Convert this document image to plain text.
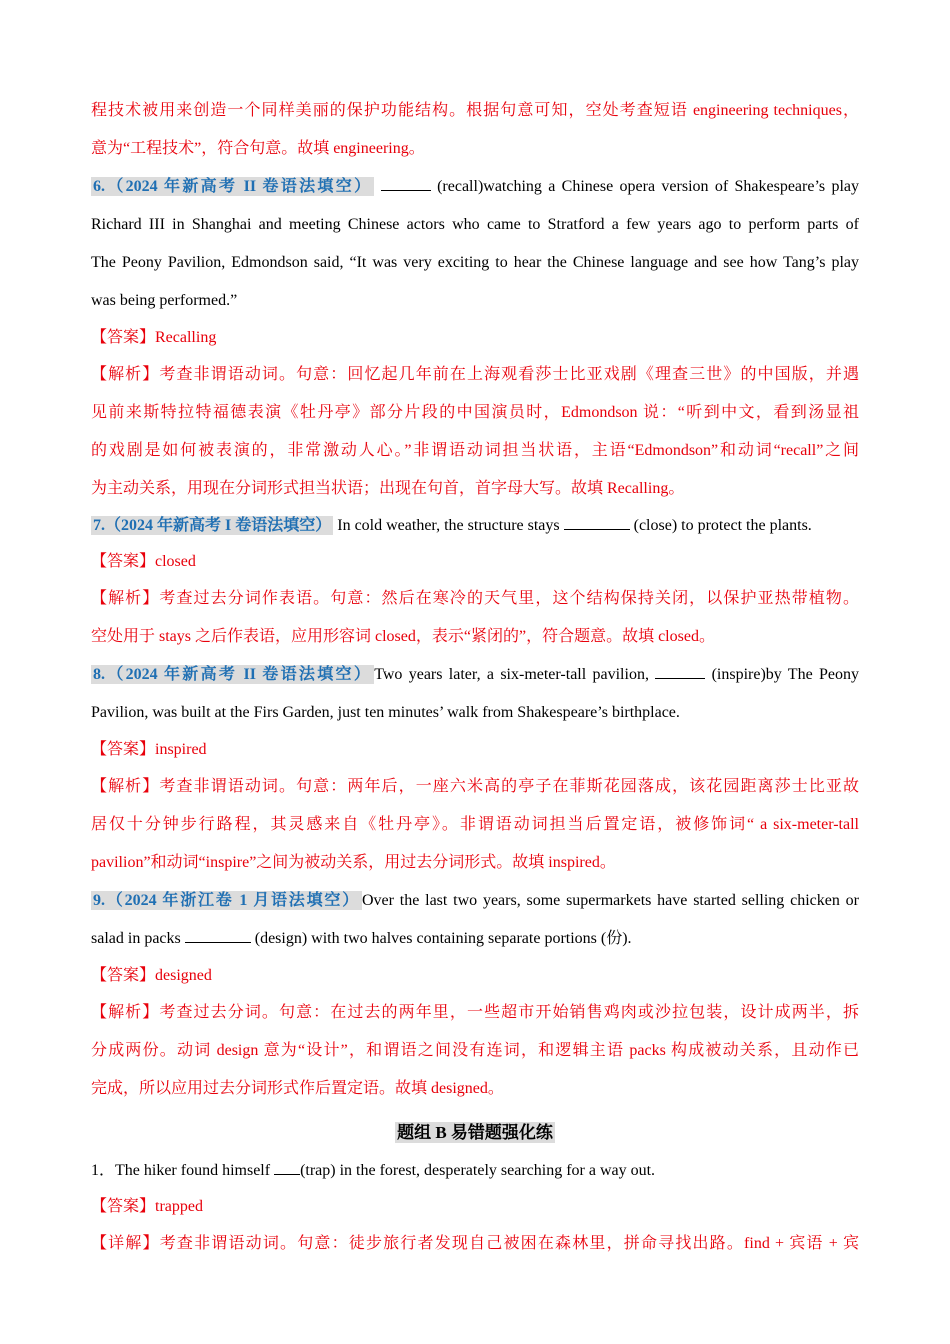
程技术被用来创造一个同样美丽的保护功能结构。根据句意可知，空处考查短语 engineering techniques，
意为“工程技术”，符合句意。故填 engineering。
6.（2024 年新高考 II 卷语法填空）	(recall)watching a Chinese opera version of Shakespeare’s play
Richard III in Shanghai and meeting Chinese actors who came to Stratford a few years ago to perform parts of
The Peony Pavilion, Edmondson said, “It was very exciting to hear the Chinese language and see how Tang’s play
was being performed.”
【答案】Recalling
【解析】考查非谓语动词。句意：回忆起几年前在上海观看莎士比亚戏剧《理查三世》的中国版，并遇
见前来斯特拉特福德表演《牡丹亭》部分片段的中国演员时，Edmondson 说：“听到中文，看到汤显祖
的戏剧是如何被表演的，非常激动人心。”非谓语动词担当状语，主语“Edmondson”和动词“recall”之间
为主动关系，用现在分词形式担当状语；出现在句首，首字母大写。故填 Recalling。
7.（2024 年新高考 I 卷语法填空） In cold weather, the structure stays	(close) to protect the plants.
【答案】closed
【解析】考查过去分词作表语。句意：然后在寒冷的天气里，这个结构保持关闭，以保护亚热带植物。
空处用于 stays 之后作表语，应用形容词 closed，表示“紧闭的”，符合题意。故填 closed。
8.（2024 年新高考 II 卷语法填空） Two years later, a six-meter-tall pavilion,	(inspire)by The Peony
Pavilion, was built at the Firs Garden, just ten minutes’ walk from Shakespeare’s birthplace.
【答案】inspired
【解析】考查非谓语动词。句意：两年后，一座六米高的亭子在菲斯花园落成，该花园距离莎士比亚故
居仅十分钟步行路程，其灵感来自《牡丹亭》。非谓语动词担当后置定语，被修饰词“ a six-meter-tall
pavilion”和动词“inspire”之间为被动关系，用过去分词形式。故填 inspired。
9.（2024 年浙江卷 1 月语法填空） Over the last two years, some supermarkets have started selling chicken or
salad in packs	(design) with two halves containing separate portions (份).
【答案】designed
【解析】考查过去分词。句意：在过去的两年里，一些超市开始销售鸡肉或沙拉包装，设计成两半，拆
分成两份。动词 design 意为“设计”，和谓语之间没有连词，和逻辑主语 packs 构成被动关系，且动作已
完成，所以应用过去分词形式作后置定语。故填 designed。
题组 B 易错题强化练
1．The hiker found himself (trap) in the forest, desperately searching for a way out.
【答案】trapped
【详解】考查非谓语动词。句意：徒步旅行者发现自己被困在森林里，拼命寻找出路。find + 宾语 + 宾
